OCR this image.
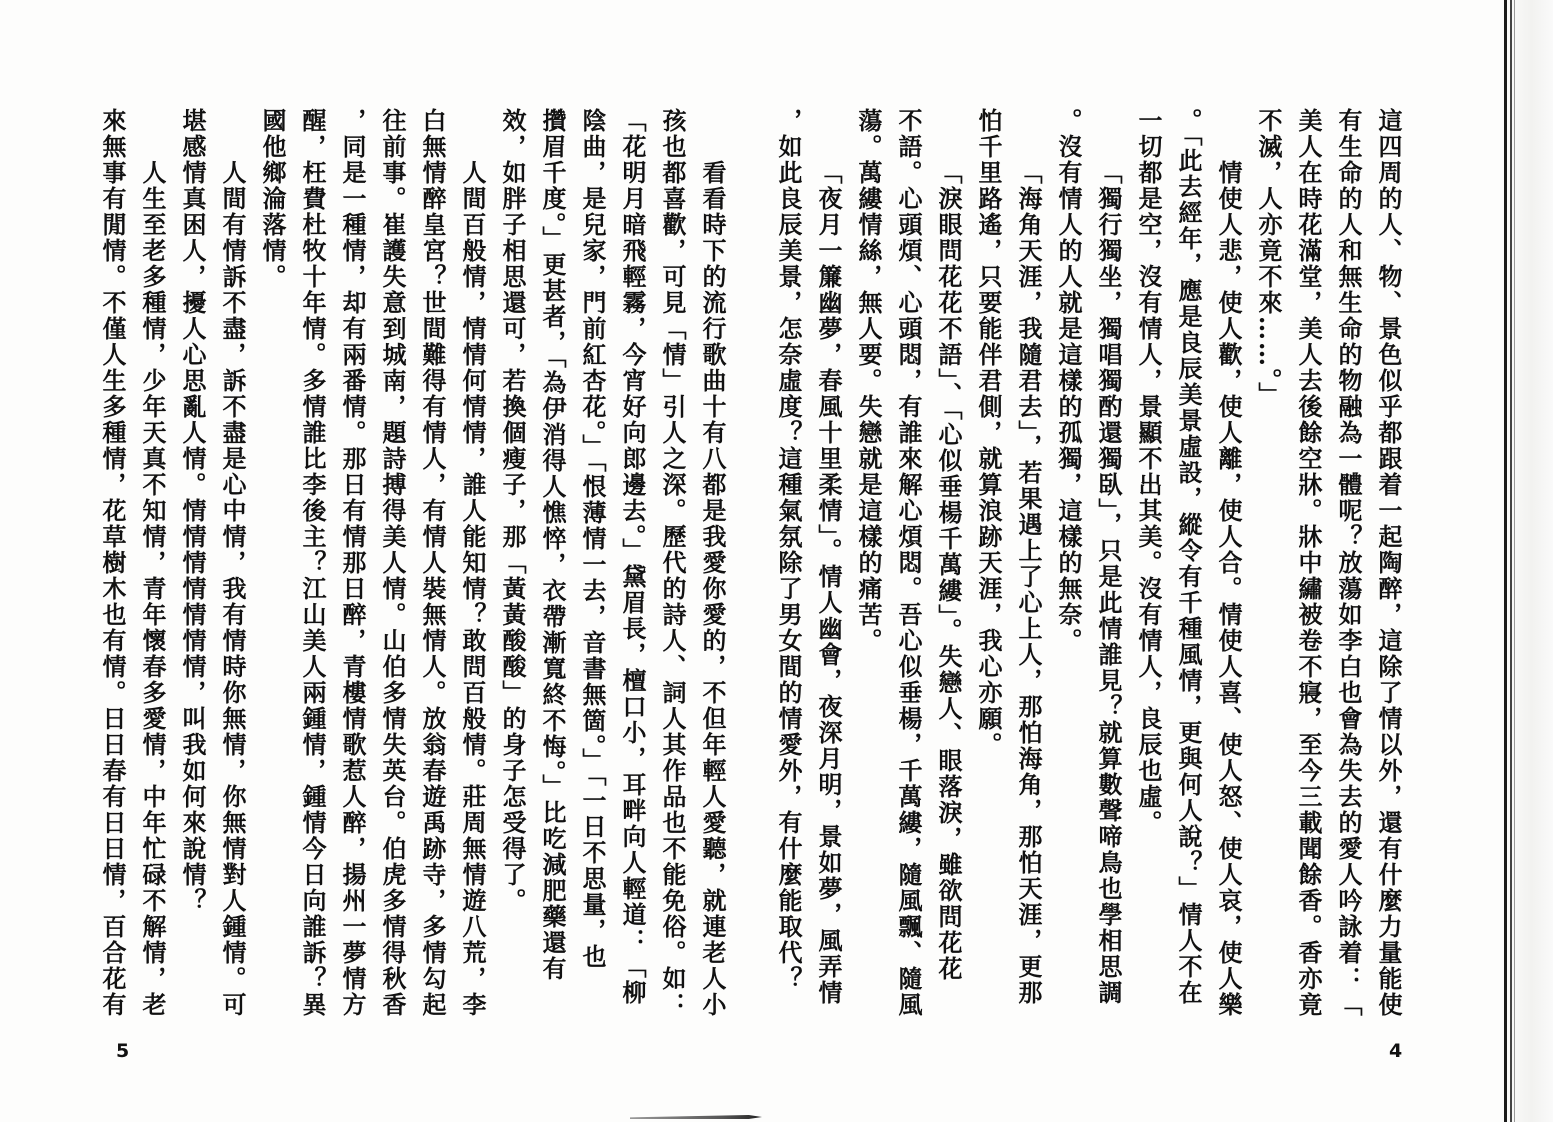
這四周的人、物、景色似乎都跟着一起陶醉，這除了情以外，還有什麼力量能使
有生命的人和無生命的物融為一體呢？放蕩如李白也會為失去的愛人吟詠着：「
美人在時花滿堂，美人去後餘空牀。牀中繡被卷不寢，至今三載聞餘香。香亦竟
不滅，人亦竟不來……。」
情使人悲，使人歡，使人離，使人合。情使人喜、使人怒、使人哀，使人樂
。「此去經年，應是良辰美景虛設，縱令有千種風情，更與何人說？」情人不在
一切都是空，沒有情人，景顯不出其美。沒有情人，良辰也虛。
「獨行獨坐，獨唱獨酌還獨臥」，只是此情誰見？就算數聲啼鳥也學相思調
。沒有情人的人就是這樣的孤獨，這樣的無奈。
「海角天涯，我隨君去」，若果遇上了心上人，那怕海角，那怕天涯，更那
怕千里路遙，只要能伴君側，就算浪跡天涯，我心亦願。
「淚眼問花花不語」、「心似垂楊千萬縷」。失戀人、眼落淚，雖欲問花花
不語。心頭煩、心頭悶，有誰來解心煩悶。吾心似垂楊，千萬縷，隨風飄、隨風
蕩。萬縷情絲，無人要。失戀就是這樣的痛苦。
「夜月一簾幽夢，春風十里柔情」。情人幽會，夜深月明，景如夢，風弄情
，如此良辰美景，怎奈虛度？這種氣氛除了男女間的情愛外，有什麼能取代？
看看時下的流行歌曲十有八都是我愛你愛的，不但年輕人愛聽，就連老人小
孩也都喜歡，可見「情」引人之深。歷代的詩人、詞人其作品也不能免俗。如：
「花明月暗飛輕霧，今宵好向郎邊去。」黛眉長，檀口小，耳畔向人輕道：「柳
陰曲，是兒家，門前紅杏花。」「恨薄情一去，音書無箇。」「一日不思量，也
攢眉千度。」更甚者，「為伊消得人憔悴，衣帶漸寬終不悔。」比吃減肥藥還有
效，如胖子相思還可，若換個瘦子，那「黃黃酸酸」的身子怎受得了。
人間百般情，情情何情情，誰人能知情？敢問百般情。莊周無情遊八荒，李
白無情醉皇宮？世間難得有情人，有情人裝無情人。放翁春遊禹跡寺，多情勾起
往前事。崔護失意到城南，題詩搏得美人情。山伯多情失英台。伯虎多情得秋香
，同是一種情，却有兩番情。那日有情那日醉，青樓情歌惹人醉，揚州一夢情方
醒，枉費杜牧十年情。多情誰比李後主？江山美人兩鍾情，鍾情今日向誰訴？異
國他鄉淪落情。
人間有情訴不盡，訴不盡是心中情，我有情時你無情，你無情對人鍾情。可
堪感情真困人，擾人心思亂人情。情情情情情情情，叫我如何來說情？
人生至老多種情，少年天真不知情，青年懷春多愛情，中年忙碌不解情，老
來無事有閒情。不僅人生多種情，花草樹木也有情。日日春有日日情，百合花有
5	4
